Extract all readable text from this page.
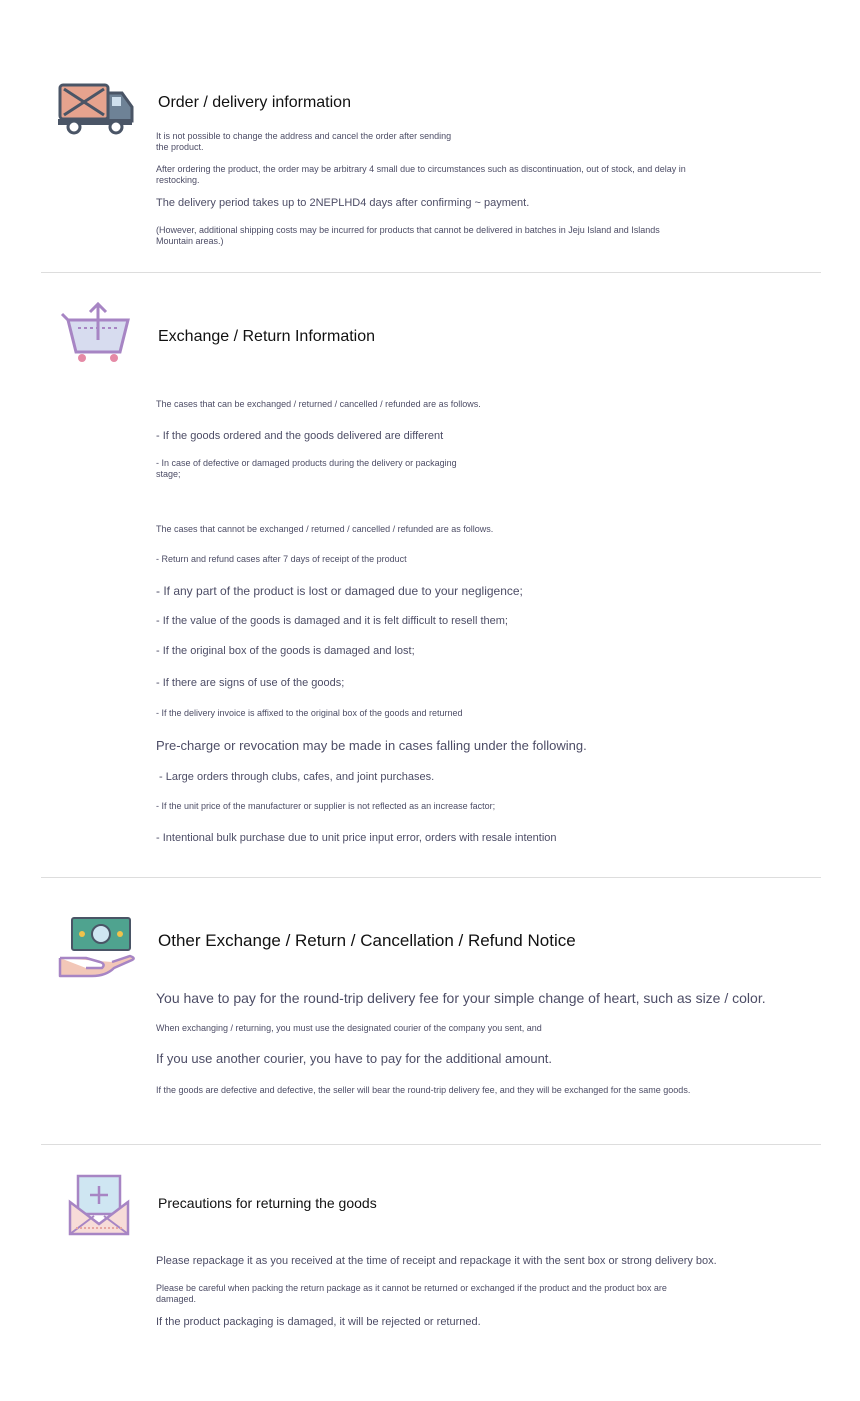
Order / delivery information
It is not possible to change the address and cancel the order after sending
the product.
After ordering the product, the order may be arbitrary 4 small due to circumstances such as discontinuation, out of stock, and delay in
restocking.
The delivery period takes up to 2NEPLHD4 days after confirming ~ payment.
(However, additional shipping costs may be incurred for products that cannot be delivered in batches in Jeju Island and Islands
Mountain areas.)
Exchange / Return Information
The cases that can be exchanged / returned / cancelled / refunded are as follows.
- If the goods ordered and the goods delivered are different
- In case of defective or damaged products during the delivery or packaging
stage;
The cases that cannot be exchanged / returned / cancelled / refunded are as follows.
- Return and refund cases after 7 days of receipt of the product
- If any part of the product is lost or damaged due to your negligence;
- If the value of the goods is damaged and it is felt difficult to resell them;
- If the original box of the goods is damaged and lost;
- If there are signs of use of the goods;
- If the delivery invoice is affixed to the original box of the goods and returned
Pre-charge or revocation may be made in cases falling under the following.
- Large orders through clubs, cafes, and joint purchases.
- If the unit price of the manufacturer or supplier is not reflected as an increase factor;
- Intentional bulk purchase due to unit price input error, orders with resale intention
Other Exchange / Return / Cancellation / Refund Notice
You have to pay for the round-trip delivery fee for your simple change of heart, such as size / color.
When exchanging / returning, you must use the designated courier of the company you sent, and
If you use another courier, you have to pay for the additional amount.
If the goods are defective and defective, the seller will bear the round-trip delivery fee, and they will be exchanged for the same goods.
Precautions for returning the goods
Please repackage it as you received at the time of receipt and repackage it with the sent box or strong delivery box.
Please be careful when packing the return package as it cannot be returned or exchanged if the product and the product box are
damaged.
If the product packaging is damaged, it will be rejected or returned.
